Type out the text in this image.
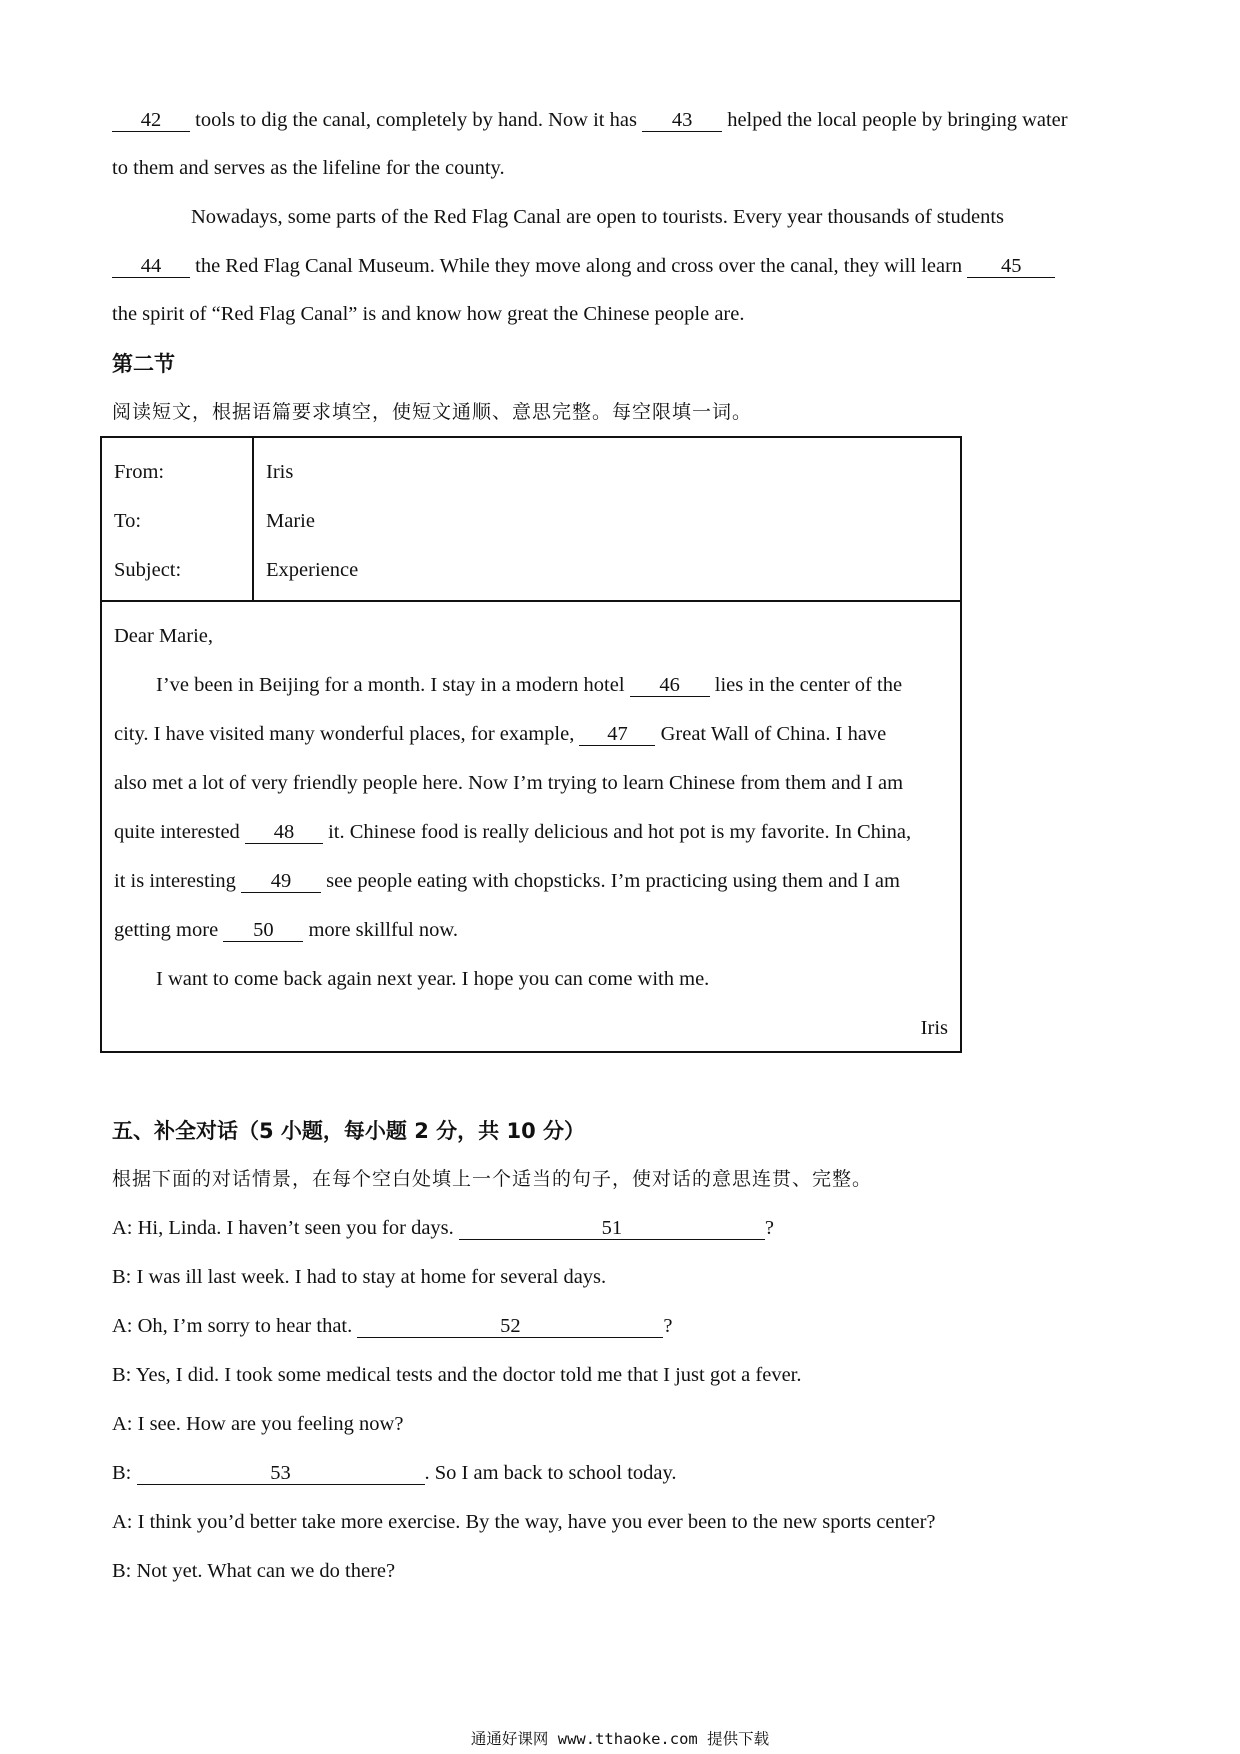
42 tools to dig the canal, completely by hand. Now it has 43 helped the local people by bringing water
to them and serves as the lifeline for the county.
Nowadays, some parts of the Red Flag Canal are open to tourists. Every year thousands of students
44 the Red Flag Canal Museum. While they move along and cross over the canal, they will learn 45
the spirit of “Red Flag Canal” is and know how great the Chinese people are.
第二节
阅读短文，根据语篇要求填空，使短文通顺、意思完整。每空限填一词。
五、补全对话（5 小题，每小题 2 分，共 10 分）
根据下面的对话情景，在每个空白处填上一个适当的句子，使对话的意思连贯、完整。
A: Hi, Linda. I haven’t seen you for days.	51	?
B: I was ill last week. I had to stay at home for several days.
A: Oh, I’m sorry to hear that.	52	?
B: Yes, I did. I took some medical tests and the doctor told me that I just got a fever.
A: I see. How are you feeling now?
B:	53	. So I am back to school today.
A: I think you’d better take more exercise. By the way, have you ever been to the new sports center?
B: Not yet. What can we do there?
From:	Iris
To:	Marie
Subject:	Experience
Dear Marie,
I’ve been in Beijing for a month. I stay in a modern hotel 46 lies in the center of the
city. I have visited many wonderful places, for example, 47 Great Wall of China. I have
also met a lot of very friendly people here. Now I’m trying to learn Chinese from them and I am
quite interested 48 it. Chinese food is really delicious and hot pot is my favorite. In China,
it is interesting 49 see people eating with chopsticks. I’m practicing using them and I am
getting more 50 more skillful now.
I want to come back again next year. I hope you can come with me.
Iris
通通好课网 www.tthaoke.com 提供下载
